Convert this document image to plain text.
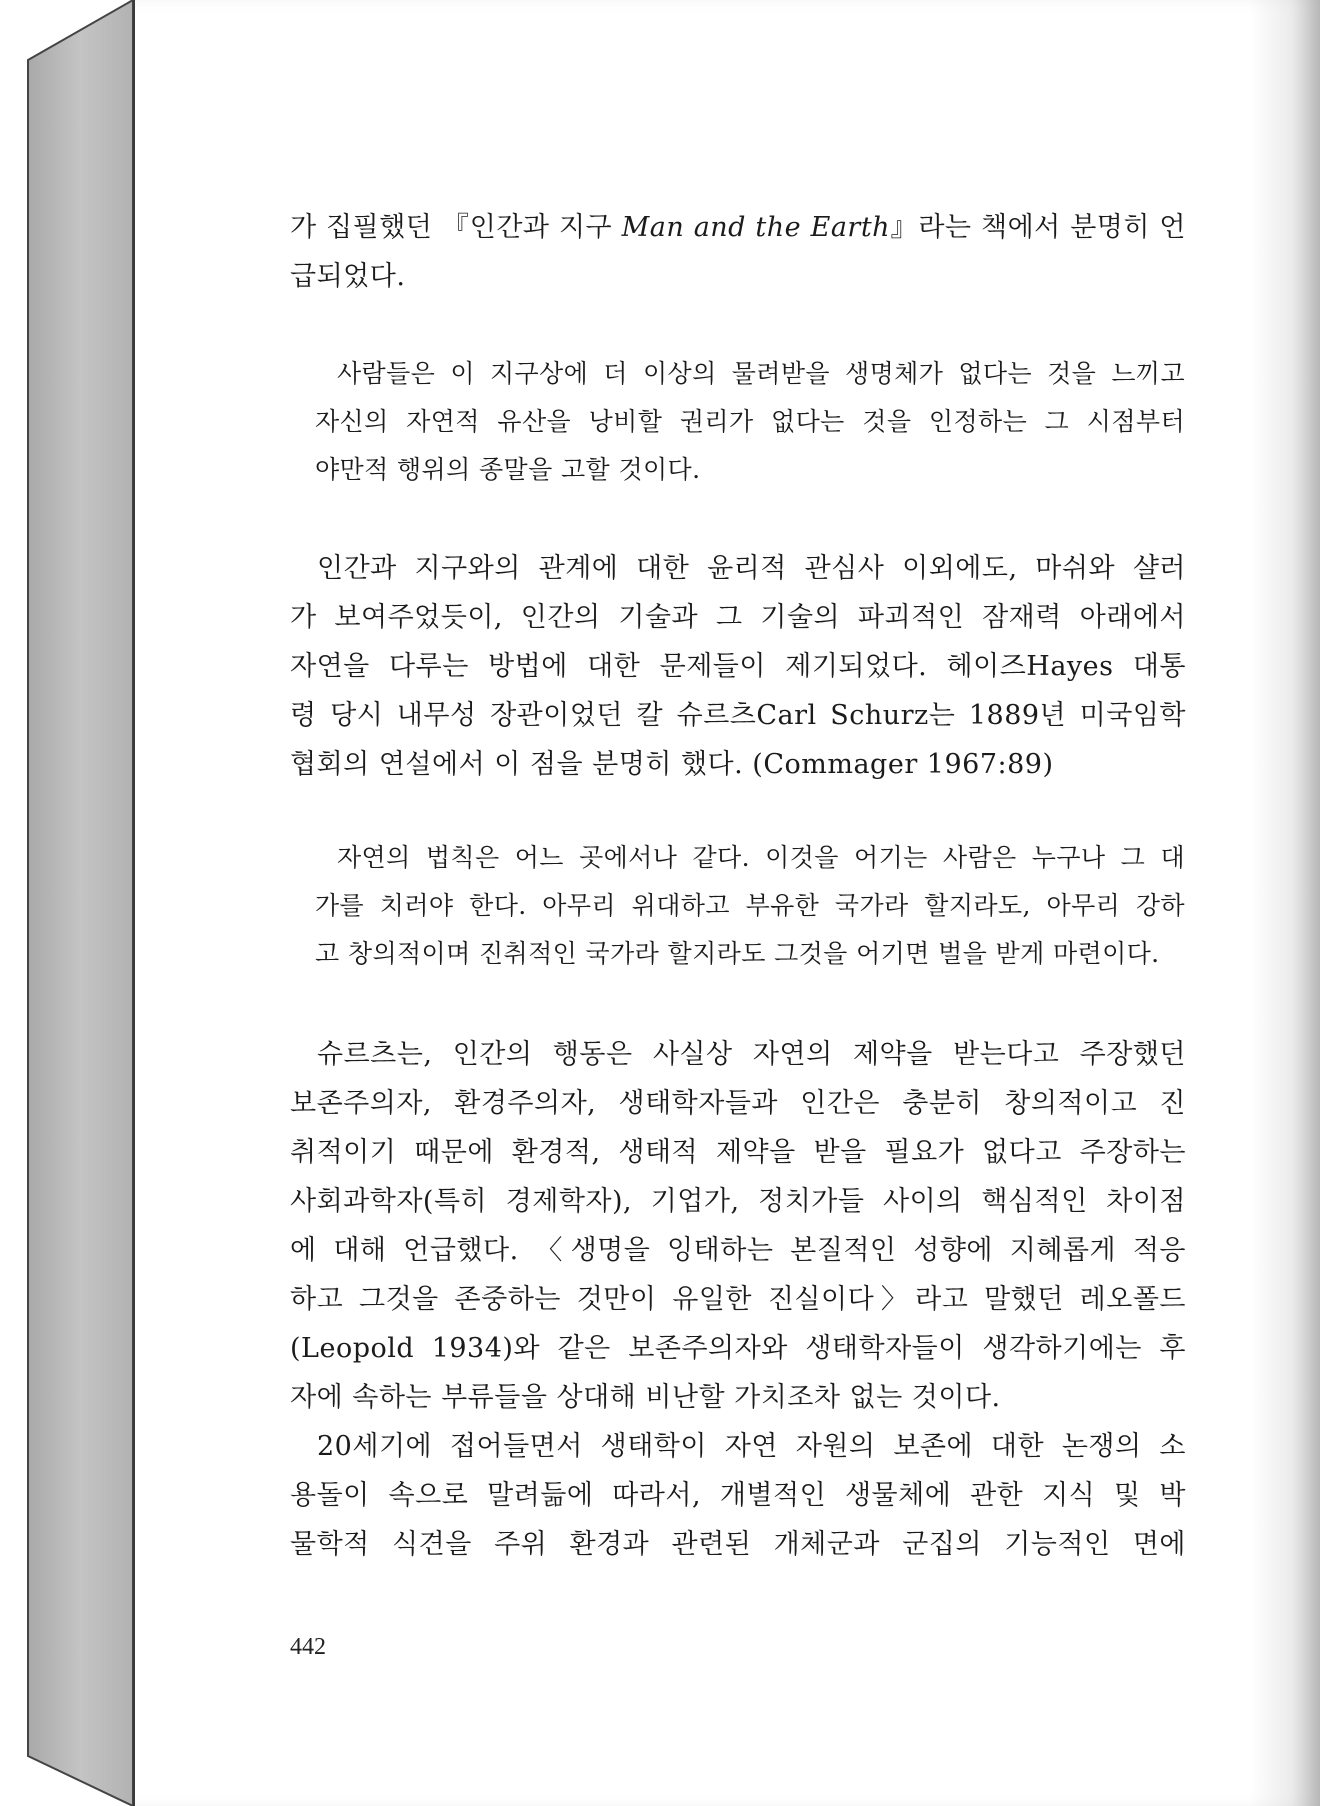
가 집필했던 『인간과 지구 Man and the Earth』라는 책에서 분명히 언
급되었다.
사람들은 이 지구상에 더 이상의 물려받을 생명체가 없다는 것을 느끼고
자신의 자연적 유산을 낭비할 권리가 없다는 것을 인정하는 그 시점부터
야만적 행위의 종말을 고할 것이다.
인간과 지구와의 관계에 대한 윤리적 관심사 이외에도, 마쉬와 샬러
가 보여주었듯이, 인간의 기술과 그 기술의 파괴적인 잠재력 아래에서
자연을 다루는 방법에 대한 문제들이 제기되었다. 헤이즈Hayes 대통
령 당시 내무성 장관이었던 칼 슈르츠Carl Schurz는 1889년 미국임학
협회의 연설에서 이 점을 분명히 했다. (Commager 1967:89)
자연의 법칙은 어느 곳에서나 같다. 이것을 어기는 사람은 누구나 그 대
가를 치러야 한다. 아무리 위대하고 부유한 국가라 할지라도, 아무리 강하
고 창의적이며 진취적인 국가라 할지라도 그것을 어기면 벌을 받게 마련이다.
슈르츠는, 인간의 행동은 사실상 자연의 제약을 받는다고 주장했던
보존주의자, 환경주의자, 생태학자들과 인간은 충분히 창의적이고 진
취적이기 때문에 환경적, 생태적 제약을 받을 필요가 없다고 주장하는
사회과학자(특히 경제학자), 기업가, 정치가들 사이의 핵심적인 차이점
에 대해 언급했다. 〈생명을 잉태하는 본질적인 성향에 지혜롭게 적응
하고 그것을 존중하는 것만이 유일한 진실이다〉라고 말했던 레오폴드
(Leopold 1934)와 같은 보존주의자와 생태학자들이 생각하기에는 후
자에 속하는 부류들을 상대해 비난할 가치조차 없는 것이다.
20세기에 접어들면서 생태학이 자연 자원의 보존에 대한 논쟁의 소
용돌이 속으로 말려듦에 따라서, 개별적인 생물체에 관한 지식 및 박
물학적 식견을 주위 환경과 관련된 개체군과 군집의 기능적인 면에
442
